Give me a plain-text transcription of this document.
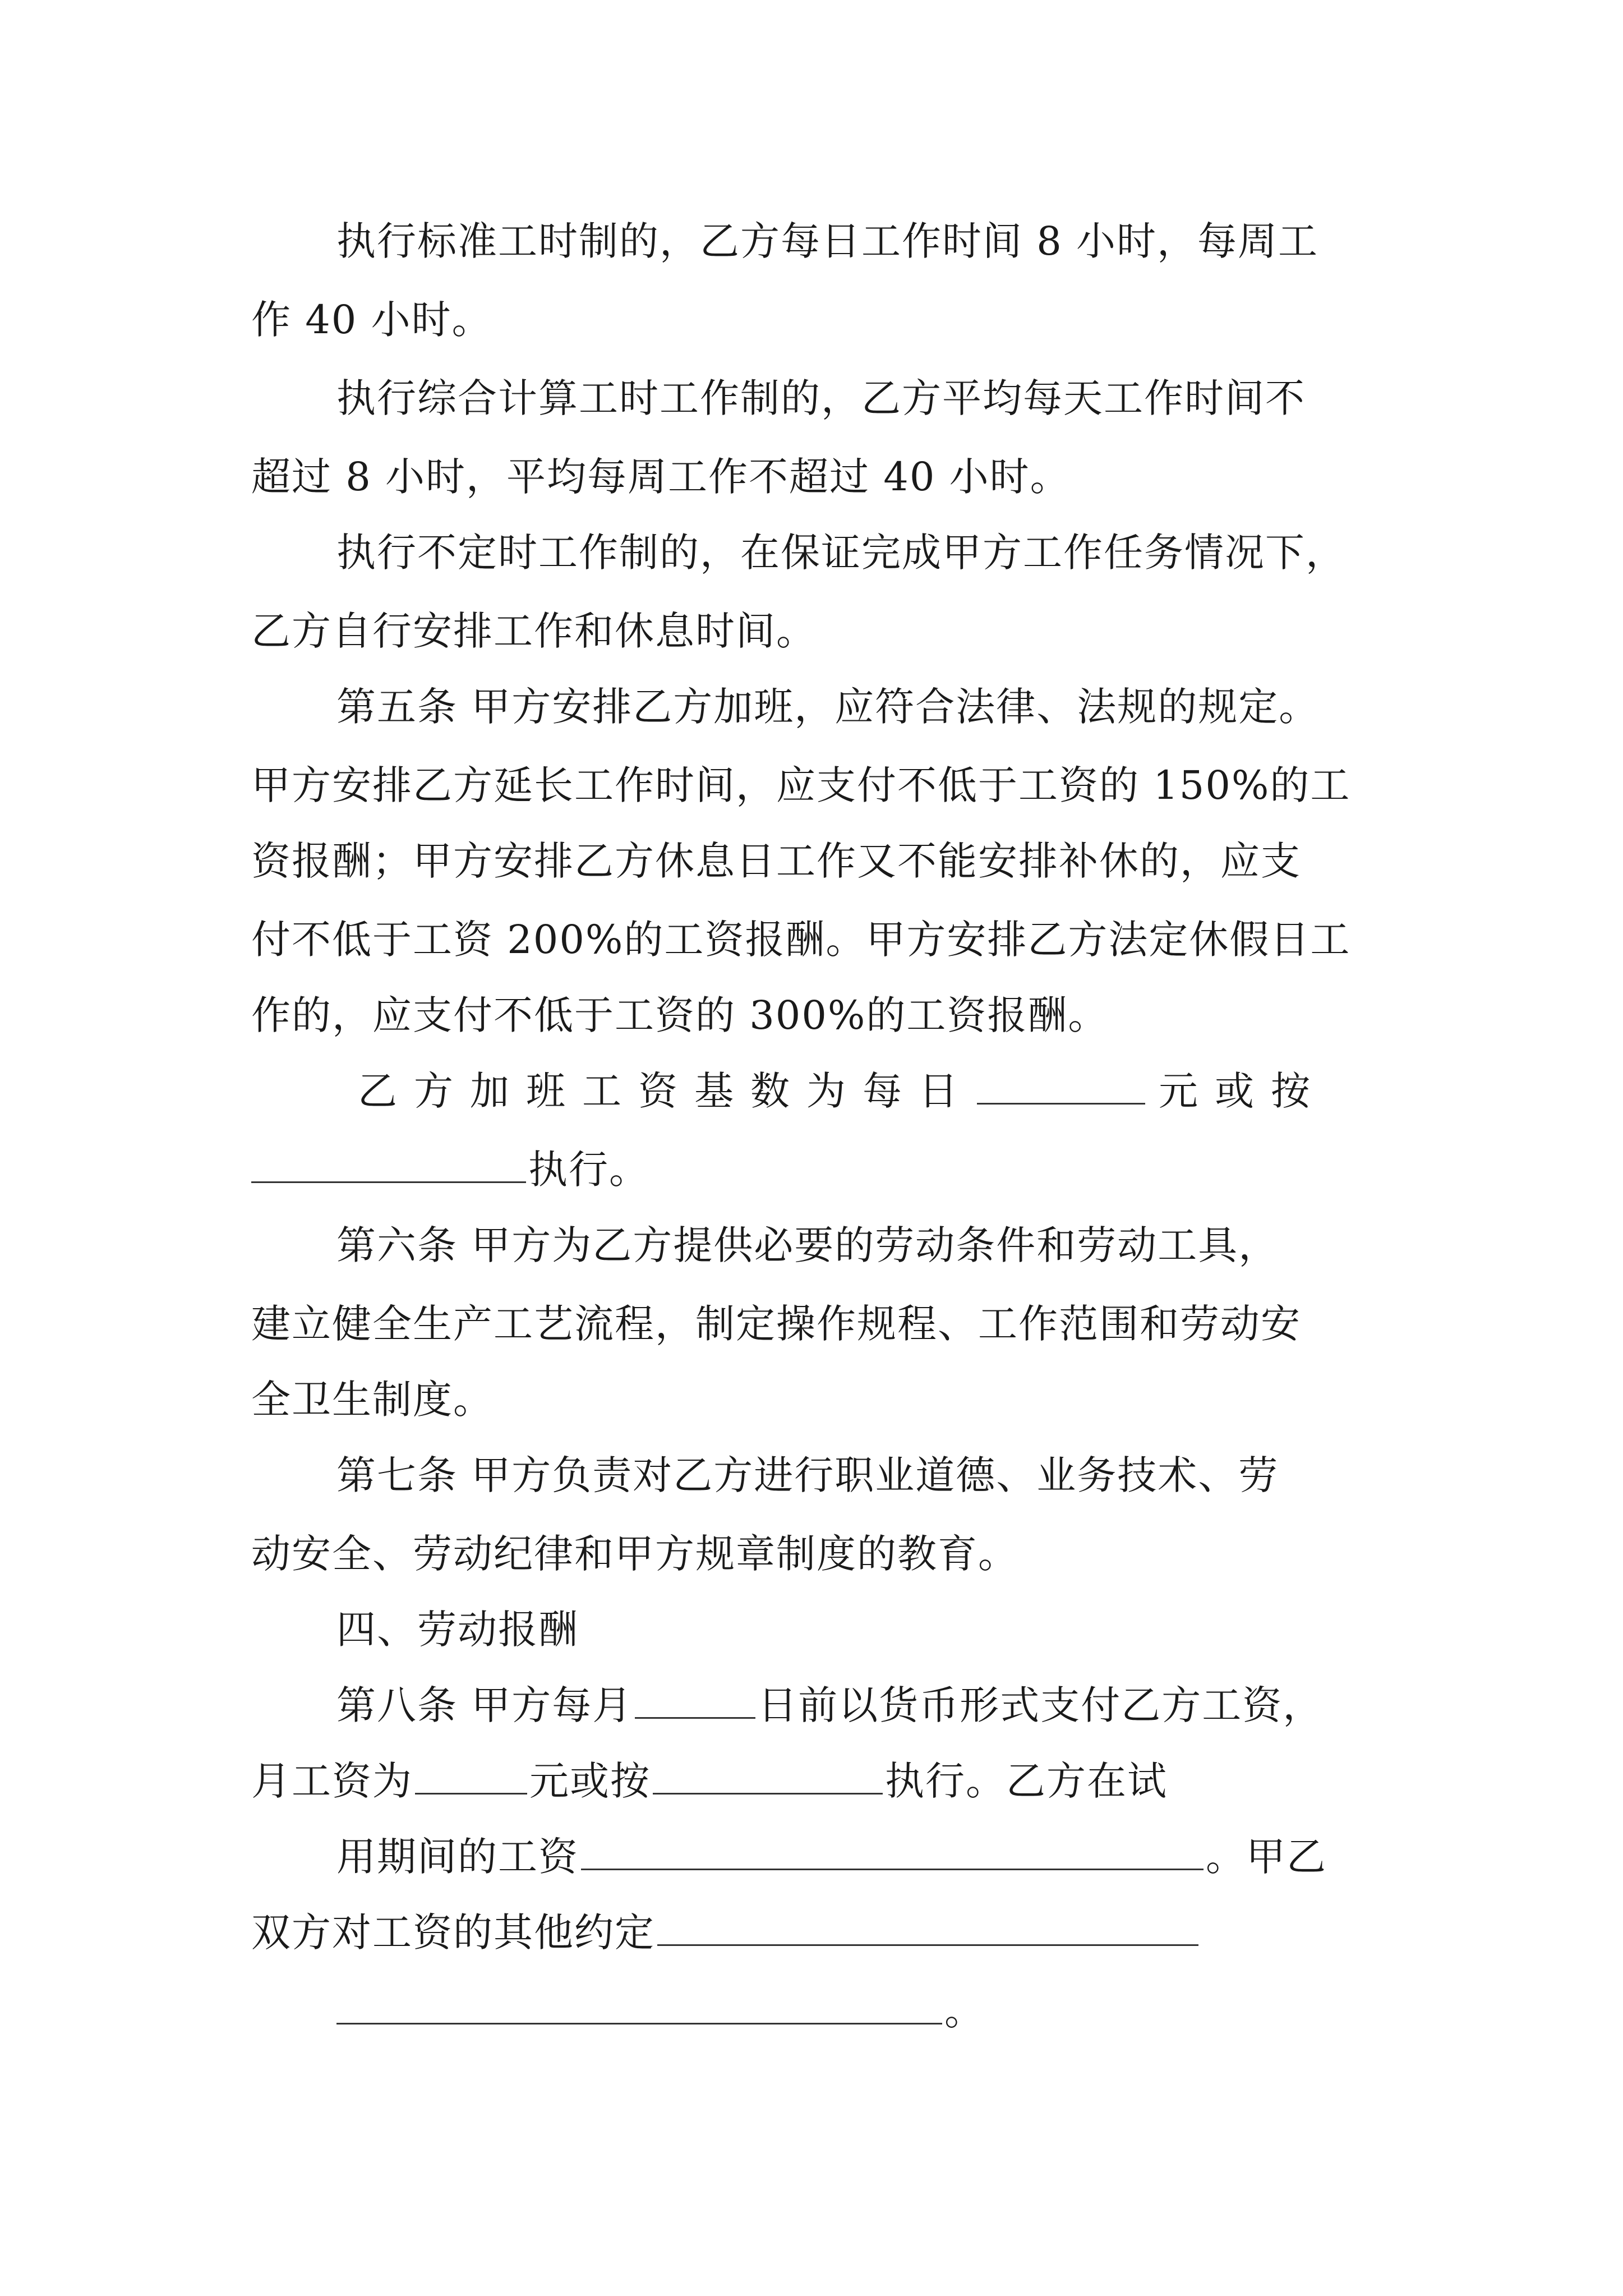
执行标准工时制的，乙方每日工作时间 8 小时，每周工
作 40 小时。
执行综合计算工时工作制的，乙方平均每天工作时间不
超过 8 小时，平均每周工作不超过 40 小时。
执行不定时工作制的，在保证完成甲方工作任务情况下，
乙方自行安排工作和休息时间。
第五条 甲方安排乙方加班，应符合法律、法规的规定。
甲方安排乙方延长工作时间，应支付不低于工资的 150%的工
资报酬；甲方安排乙方休息日工作又不能安排补休的，应支
付不低于工资 200%的工资报酬。甲方安排乙方法定休假日工
作的，应支付不低于工资的 300%的工资报酬。
乙方加班工资基数为每日	元或按
执行。
第六条 甲方为乙方提供必要的劳动条件和劳动工具，
建立健全生产工艺流程，制定操作规程、工作范围和劳动安
全卫生制度。
第七条 甲方负责对乙方进行职业道德、业务技术、劳
动安全、劳动纪律和甲方规章制度的教育。
四、劳动报酬
第八条 甲方每月	日前以货币形式支付乙方工资，
月工资为	元或按	执行。乙方在试
用期间的工资	。甲乙
双方对工资的其他约定
。
